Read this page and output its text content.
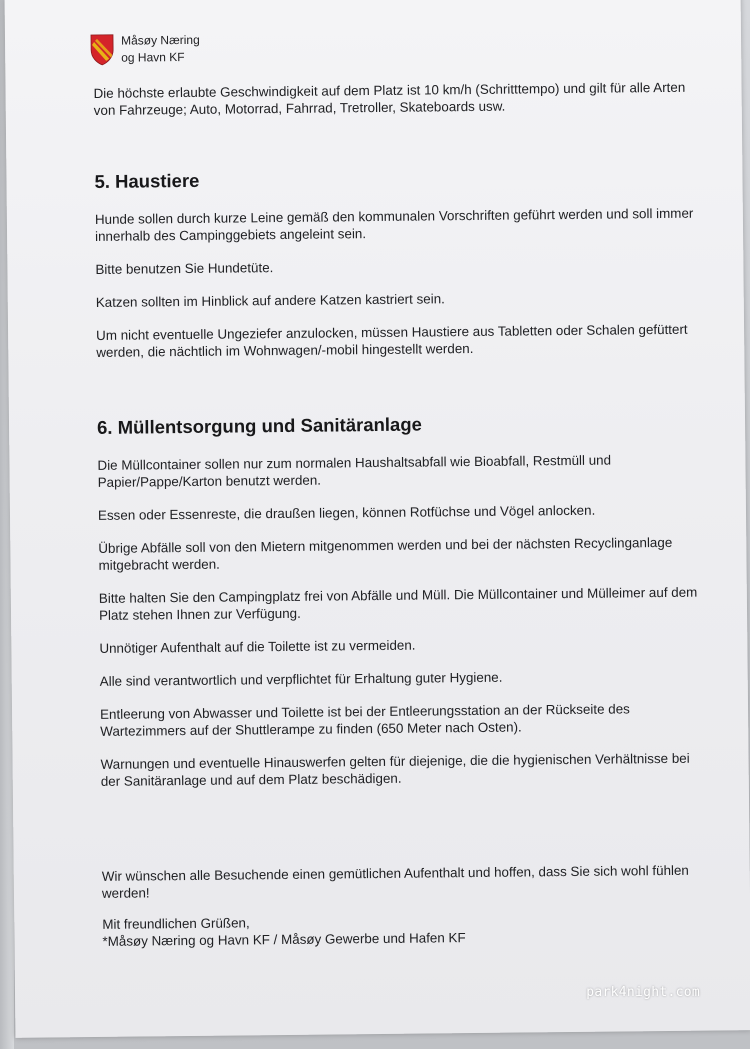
Måsøy Næring
og Havn KF

Die höchste erlaubte Geschwindigkeit auf dem Platz ist 10 km/h (Schritttempo) und gilt für alle Arten von Fahrzeuge; Auto, Motorrad, Fahrrad, Tretroller, Skateboards usw.

5. Haustiere

Hunde sollen durch kurze Leine gemäß den kommunalen Vorschriften geführt werden und soll immer innerhalb des Campinggebiets angeleint sein.

Bitte benutzen Sie Hundetüte.

Katzen sollten im Hinblick auf andere Katzen kastriert sein.

Um nicht eventuelle Ungeziefer anzulocken, müssen Haustiere aus Tabletten oder Schalen gefüttert werden, die nächtlich im Wohnwagen/-mobil hingestellt werden.

6. Müllentsorgung und Sanitäranlage

Die Müllcontainer sollen nur zum normalen Haushaltsabfall wie Bioabfall, Restmüll und Papier/Pappe/Karton benutzt werden.

Essen oder Essenreste, die draußen liegen, können Rotfüchse und Vögel anlocken.

Übrige Abfälle soll von den Mietern mitgenommen werden und bei der nächsten Recyclinganlage mitgebracht werden.

Bitte halten Sie den Campingplatz frei von Abfälle und Müll. Die Müllcontainer und Mülleimer auf dem Platz stehen Ihnen zur Verfügung.

Unnötiger Aufenthalt auf die Toilette ist zu vermeiden.

Alle sind verantwortlich und verpflichtet für Erhaltung guter Hygiene.

Entleerung von Abwasser und Toilette ist bei der Entleerungsstation an der Rückseite des Wartezimmers auf der Shuttlerampe zu finden (650 Meter nach Osten).

Warnungen und eventuelle Hinauswerfen gelten für diejenige, die die hygienischen Verhältnisse bei der Sanitäranlage und auf dem Platz beschädigen.

Wir wünschen alle Besuchende einen gemütlichen Aufenthalt und hoffen, dass Sie sich wohl fühlen werden!

Mit freundlichen Grüßen,

*Måsøy Næring og Havn KF / Måsøy Gewerbe und Hafen KF

park4night.com
